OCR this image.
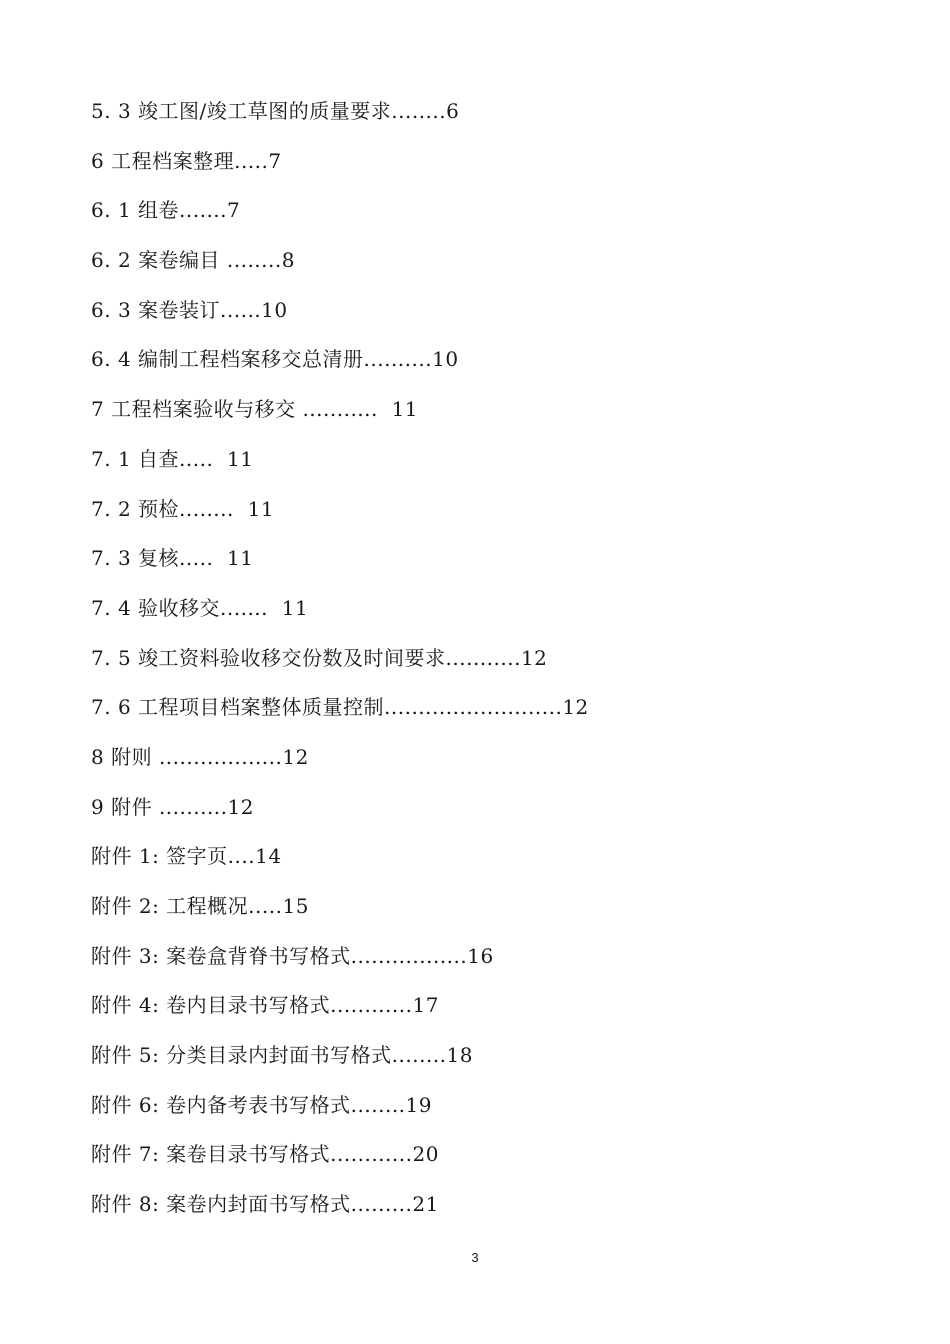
5. 3 竣工图/竣工草图的质量要求........6
6 工程档案整理.....7
6. 1 组卷.......7
6. 2 案卷编目 ........8
6. 3 案卷装订......10
6. 4 编制工程档案移交总清册..........10
7 工程档案验收与移交 ...........  11
7. 1 自查.....  11
7. 2 预检........  11
7. 3 复核.....  11
7. 4 验收移交.......  11
7. 5 竣工资料验收移交份数及时间要求...........12
7. 6 工程项目档案整体质量控制..........................12
8 附则 ..................12
9 附件 ..........12
附件 1: 签字页....14
附件 2: 工程概况.....15
附件 3: 案卷盒背脊书写格式.................16
附件 4: 卷内目录书写格式............17
附件 5: 分类目录内封面书写格式........18
附件 6: 卷内备考表书写格式........19
附件 7: 案卷目录书写格式............20
附件 8: 案卷内封面书写格式.........21
3
